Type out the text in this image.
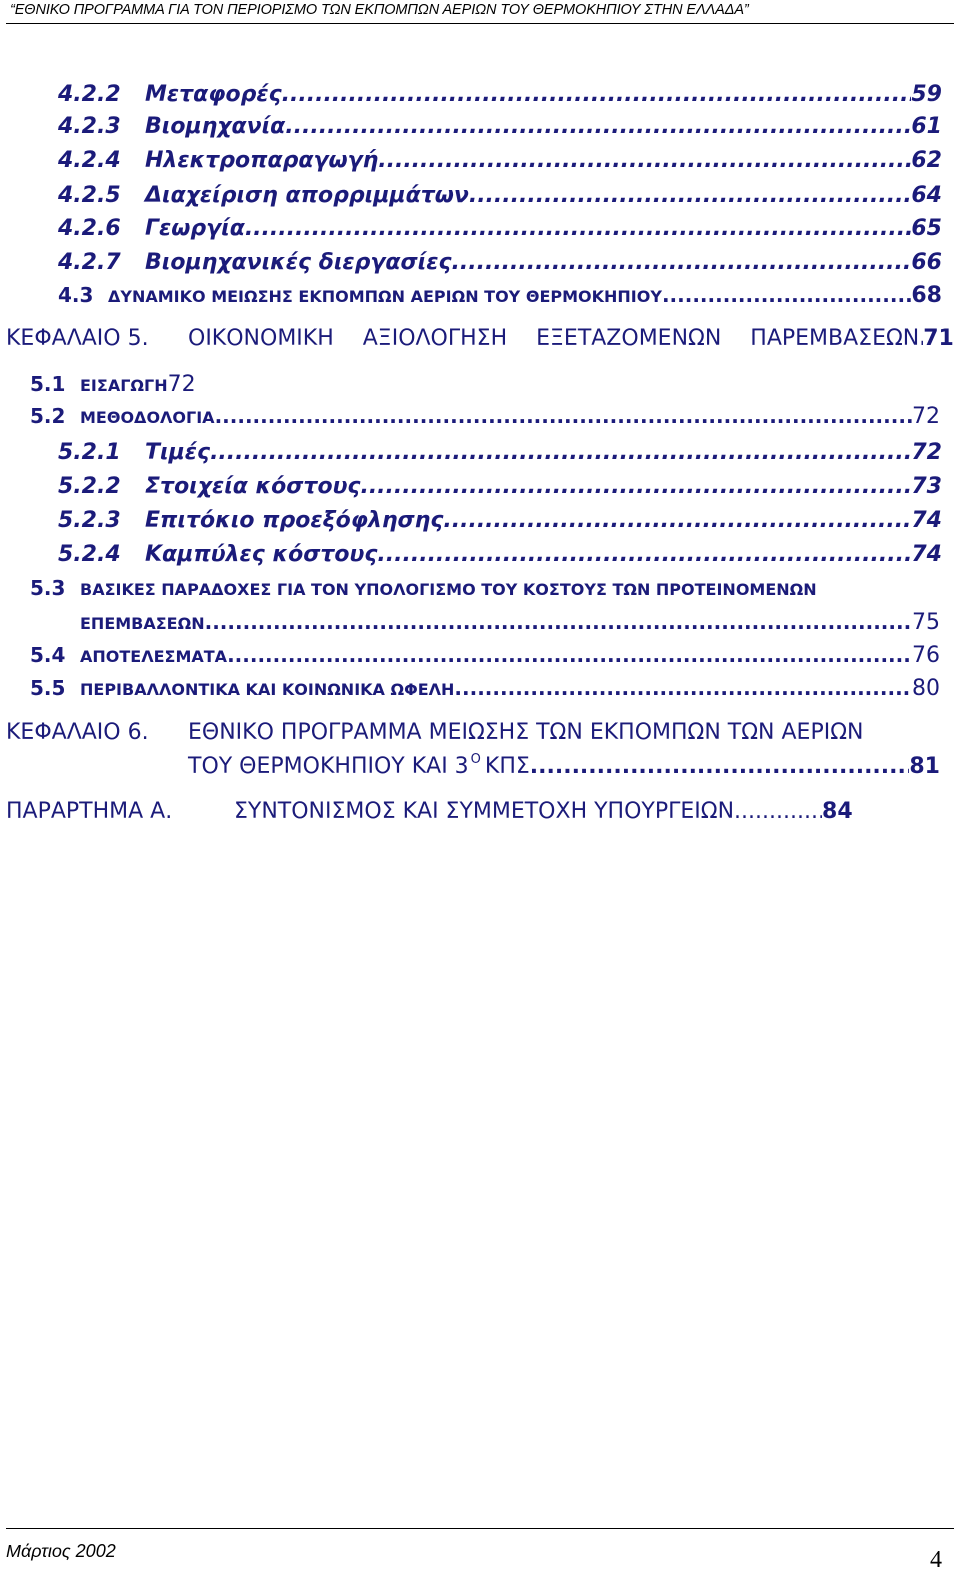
“ΕΘΝΙΚΟ ΠΡΟΓΡΑΜΜΑ ΓΙΑ ΤΟΝ ΠΕΡΙΟΡΙΣΜΟ ΤΩΝ ΕΚΠΟΜΠΩΝ ΑΕΡΙΩΝ ΤΟΥ ΘΕΡΜΟΚΗΠΙΟΥ ΣΤΗΝ ΕΛΛΑΔΑ”
4.2.2	Μεταφορές .....	59
4.2.3	Βιομηχανία .....	61
4.2.4	Ηλεκτροπαραγωγή .....	62
4.2.5	Διαχείριση απορριμμάτων .....	64
4.2.6	Γεωργία .....	65
4.2.7	Βιομηχανικές διεργασίες .....	66
4.3 ΔΥΝΑΜΙΚΟ ΜΕΙΩΣΗΣ ΕΚΠΟΜΠΩΝ ΑΕΡΙΩΝ ΤΟΥ ΘΕΡΜΟΚΗΠΙΟΥ .....	68
ΚΕΦΑΛΑΙΟ 5.	ΟΙΚΟΝΟΜΙΚΗ ΑΞΙΟΛΟΓΗΣΗ ΕΞΕΤΑΖΟΜΕΝΩΝ ΠΑΡΕΜΒΑΣΕΩΝ ..... 71
5.1 ΕΙΣΑΓΩΓΗ 72
5.2 ΜΕΘΟΔΟΛΟΓΙΑ .....	72
5.2.1	Τιμές .....	72
5.2.2	Στοιχεία κόστους .....	73
5.2.3	Επιτόκιο προεξόφλησης .....	74
5.2.4	Καμπύλες κόστους .....	74
5.3 ΒΑΣΙΚΕΣ ΠΑΡΑΔΟΧΕΣ ΓΙΑ ΤΟΝ ΥΠΟΛΟΓΙΣΜΟ ΤΟΥ ΚΟΣΤΟΥΣ ΤΩΝ ΠΡΟΤΕΙΝΟΜΕΝΩΝ
ΕΠΕΜΒΑΣΕΩΝ .....	75
5.4 ΑΠΟΤΕΛΕΣΜΑΤΑ .....	76
5.5 ΠΕΡΙΒΑΛΛΟΝΤΙΚΑ ΚΑΙ ΚΟΙΝΩΝΙΚΑ ΩΦΕΛΗ .....	80
ΚΕΦΑΛΑΙΟ 6.	ΕΘΝΙΚΟ ΠΡΟΓΡΑΜΜΑ ΜΕΙΩΣΗΣ ΤΩΝ ΕΚΠΟΜΠΩΝ ΤΩΝ ΑΕΡΙΩΝ
ΤΟΥ ΘΕΡΜΟΚΗΠΙΟΥ ΚΑΙ 3 Ο ΚΠΣ .....	81
ΠΑΡΑΡΤΗΜΑ Α.	ΣΥΝΤΟΝΙΣΜΟΣ ΚΑΙ ΣΥΜΜΕΤΟΧΗ ΥΠΟΥΡΓΕΙΩΝ .....	84
Μάρτιος 2002	4
